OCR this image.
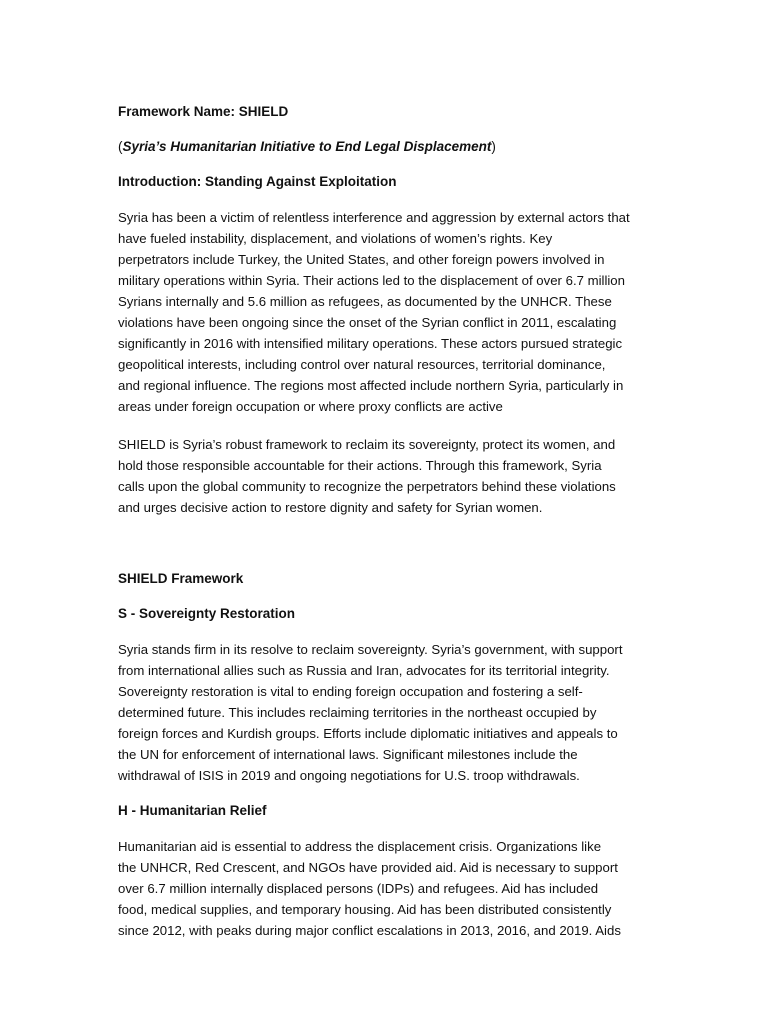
Framework Name: SHIELD

(Syria’s Humanitarian Initiative to End Legal Displacement)

Introduction: Standing Against Exploitation

Syria has been a victim of relentless interference and aggression by external actors that
have fueled instability, displacement, and violations of women’s rights. Key
perpetrators include Turkey, the United States, and other foreign powers involved in
military operations within Syria. Their actions led to the displacement of over 6.7 million
Syrians internally and 5.6 million as refugees, as documented by the UNHCR. These
violations have been ongoing since the onset of the Syrian conflict in 2011, escalating
significantly in 2016 with intensified military operations. These actors pursued strategic
geopolitical interests, including control over natural resources, territorial dominance,
and regional influence. The regions most affected include northern Syria, particularly in
areas under foreign occupation or where proxy conflicts are active
SHIELD is Syria’s robust framework to reclaim its sovereignty, protect its women, and
hold those responsible accountable for their actions. Through this framework, Syria
calls upon the global community to recognize the perpetrators behind these violations
and urges decisive action to restore dignity and safety for Syrian women.

SHIELD Framework

S - Sovereignty Restoration

Syria stands firm in its resolve to reclaim sovereignty. Syria’s government, with support
from international allies such as Russia and Iran, advocates for its territorial integrity.
Sovereignty restoration is vital to ending foreign occupation and fostering a self-
determined future. This includes reclaiming territories in the northeast occupied by
foreign forces and Kurdish groups. Efforts include diplomatic initiatives and appeals to
the UN for enforcement of international laws. Significant milestones include the
withdrawal of ISIS in 2019 and ongoing negotiations for U.S. troop withdrawals.

H - Humanitarian Relief

Humanitarian aid is essential to address the displacement crisis. Organizations like
the UNHCR, Red Crescent, and NGOs have provided aid. Aid is necessary to support
over 6.7 million internally displaced persons (IDPs) and refugees. Aid has included
food, medical supplies, and temporary housing. Aid has been distributed consistently
since 2012, with peaks during major conflict escalations in 2013, 2016, and 2019. Aids
